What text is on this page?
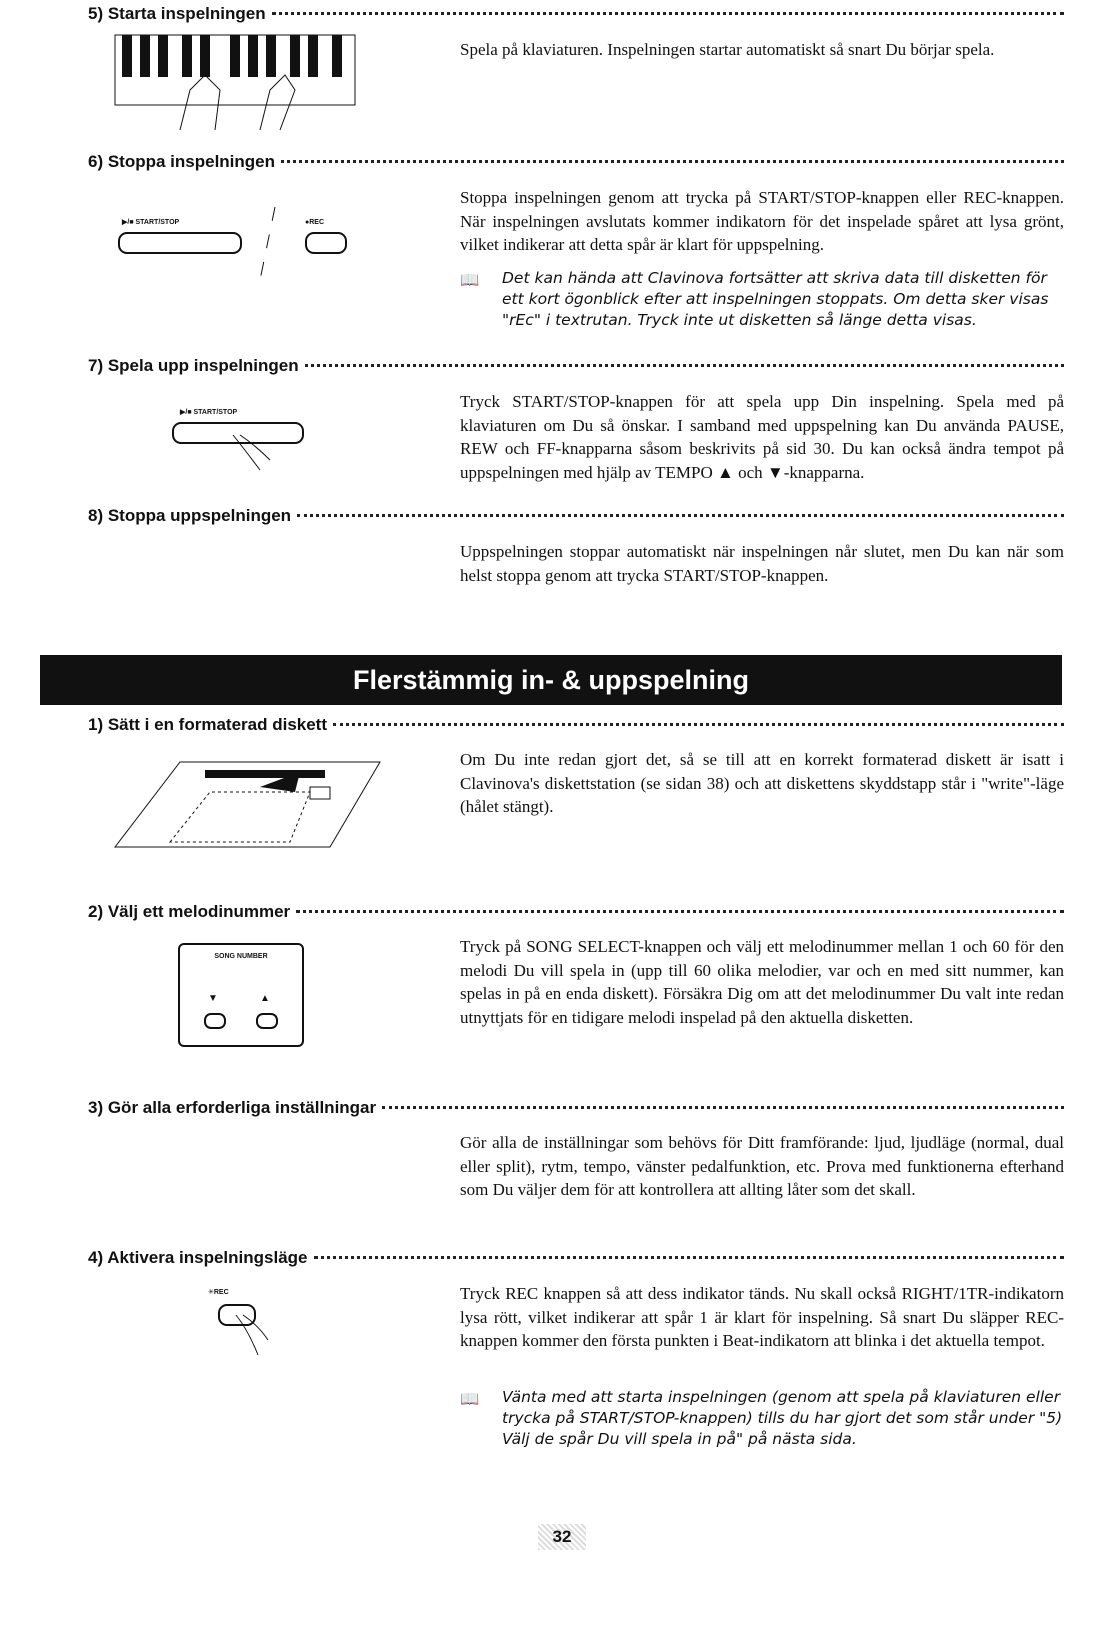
5) Starta inspelningen
Spela på klaviaturen. Inspelningen startar automatiskt så snart Du börjar spela.
6) Stoppa inspelningen
▶/■ START/STOP	●REC
Stoppa inspelningen genom att trycka på START/STOP-knappen eller REC-knappen. När inspelningen avslutats kommer indikatorn för det inspelade spåret att lysa grönt, vilket indikerar att detta spår är klart för uppspelning.
📖 Det kan hända att Clavinova fortsätter att skriva data till disketten för ett kort ögonblick efter att inspelningen stoppats. Om detta sker visas "rEc" i textrutan. Tryck inte ut disketten så länge detta visas.
7) Spela upp inspelningen
▶/■ START/STOP
Tryck START/STOP-knappen för att spela upp Din inspelning. Spela med på klaviaturen om Du så önskar. I samband med uppspelning kan Du använda PAUSE, REW och FF-knapparna såsom beskrivits på sid 30. Du kan också ändra tempot på uppspelningen med hjälp av TEMPO ▲ och ▼-knapparna.
8) Stoppa uppspelningen
Uppspelningen stoppar automatiskt när inspelningen når slutet, men Du kan när som helst stoppa genom att trycka START/STOP-knappen.
Flerstämmig in- & uppspelning
1) Sätt i en formaterad diskett
Om Du inte redan gjort det, så se till att en korrekt formaterad diskett är isatt i Clavinova's diskettstation (se sidan 38) och att diskettens skyddstapp står i "write"-läge (hålet stängt).
2) Välj ett melodinummer
SONG NUMBER
▼	▲
Tryck på SONG SELECT-knappen och välj ett melodinummer mellan 1 och 60 för den melodi Du vill spela in (upp till 60 olika melodier, var och en med sitt nummer, kan spelas in på en enda diskett). Försäkra Dig om att det melodinummer Du valt inte redan utnyttjats för en tidigare melodi inspelad på den aktuella disketten.
3) Gör alla erforderliga inställningar
Gör alla de inställningar som behövs för Ditt framförande: ljud, ljudläge (normal, dual eller split), rytm, tempo, vänster pedalfunktion, etc. Prova med funktionerna efterhand som Du väljer dem för att kontrollera att allting låter som det skall.
4) Aktivera inspelningsläge
✳REC	Tryck REC knappen så att dess indikator tänds. Nu skall också RIGHT/1TR-indikatorn lysa rött, vilket indikerar att spår 1 är klart för inspelning. Så snart Du släpper REC-knappen kommer den första punkten i Beat-indikatorn att blinka i det aktuella tempot.
📖 Vänta med att starta inspelningen (genom att spela på klaviaturen eller trycka på START/STOP-knappen) tills du har gjort det som står under "5) Välj de spår Du vill spela in på" på nästa sida.
32
